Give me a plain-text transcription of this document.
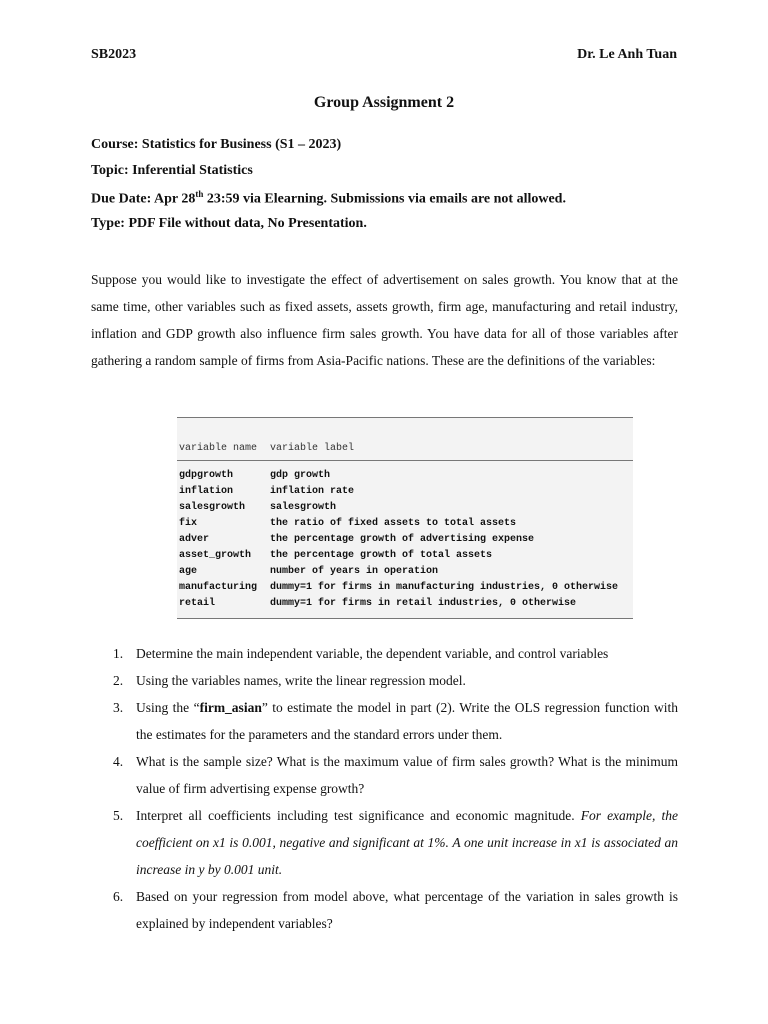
SB2023	Dr. Le Anh Tuan
Group Assignment 2
Course: Statistics for Business (S1 – 2023)
Topic: Inferential Statistics
Due Date: Apr 28th 23:59 via Elearning. Submissions via emails are not allowed.
Type: PDF File without data, No Presentation.
Suppose you would like to investigate the effect of advertisement on sales growth. You know that at the same time, other variables such as fixed assets, assets growth, firm age, manufacturing and retail industry, inflation and GDP growth also influence firm sales growth. You have data for all of those variables after gathering a random sample of firms from Asia-Pacific nations. These are the definitions of the variables:
variable name	variable label
gdpgrowth	gdp growth
inflation	inflation rate
salesgrowth	salesgrowth
fix	the ratio of fixed assets to total assets
adver	the percentage growth of advertising expense
asset_growth	the percentage growth of total assets
age	number of years in operation
manufacturing	dummy=1 for firms in manufacturing industries, 0 otherwise
retail	dummy=1 for firms in retail industries, 0 otherwise
1. Determine the main independent variable, the dependent variable, and control variables
2. Using the variables names, write the linear regression model.
3. Using the “firm_asian” to estimate the model in part (2). Write the OLS regression function with the estimates for the parameters and the standard errors under them.
4. What is the sample size? What is the maximum value of firm sales growth? What is the minimum value of firm advertising expense growth?
5. Interpret all coefficients including test significance and economic magnitude. For example, the coefficient on x1 is 0.001, negative and significant at 1%. A one unit increase in x1 is associated an increase in y by 0.001 unit.
6. Based on your regression from model above, what percentage of the variation in sales growth is explained by independent variables?
